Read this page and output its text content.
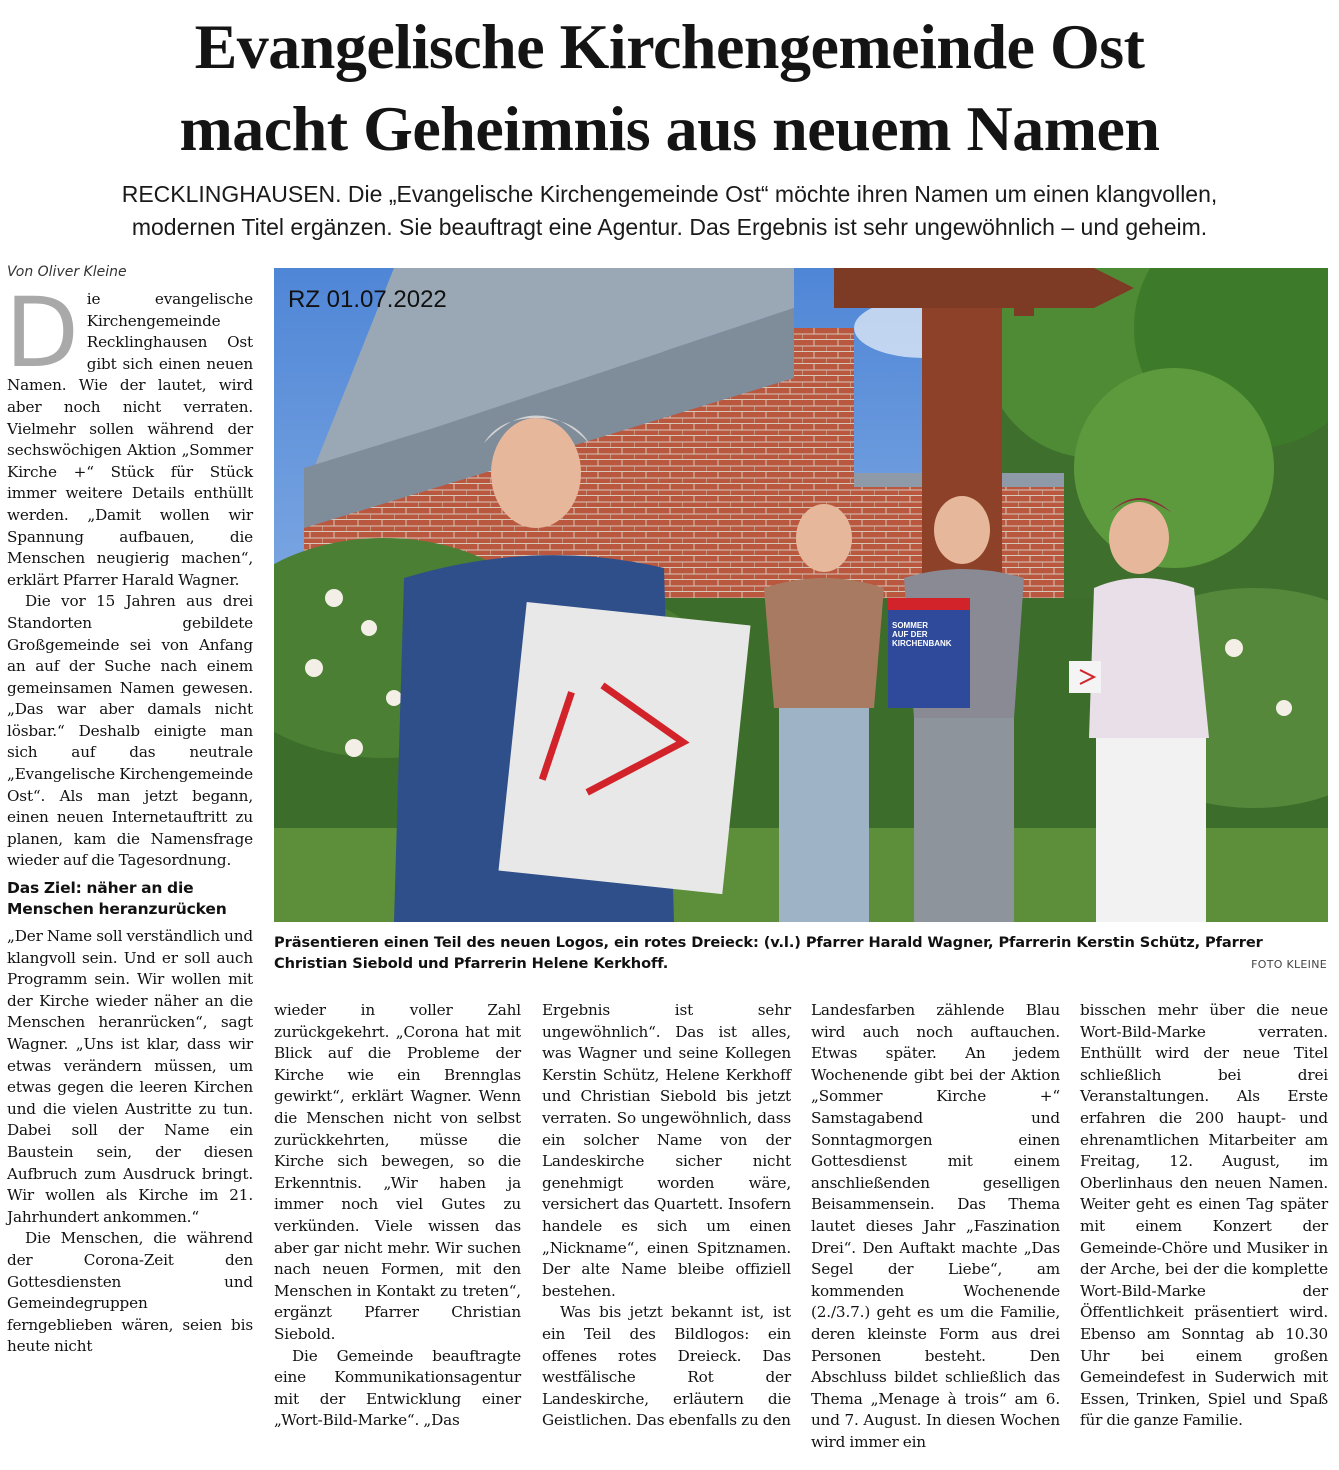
Evangelische Kirchengemeinde Ost
macht Geheimnis aus neuem Namen

RECKLINGHAUSEN. Die „Evangelische Kirchengemeinde Ost“ möchte ihren Namen um einen klangvollen,
modernen Titel ergänzen. Sie beauftragt eine Agentur. Das Ergebnis ist sehr ungewöhnlich – und geheim.

Von Oliver Kleine

D ie evangelische Kirchengemeinde Recklinghausen Ost gibt sich einen neuen Namen. Wie der lautet, wird aber noch nicht verraten. Vielmehr sollen während der sechswöchigen Aktion „Sommer Kirche +“ Stück für Stück immer weitere Details enthüllt werden. „Damit wollen wir Spannung aufbauen, die Menschen neugierig machen“, erklärt Pfarrer Harald Wagner.

Die vor 15 Jahren aus drei Standorten gebildete Großgemeinde sei von Anfang an auf der Suche nach einem gemeinsamen Namen gewesen. „Das war aber damals nicht lösbar.“ Deshalb einigte man sich auf das neutrale „Evangelische Kirchengemeinde Ost“. Als man jetzt begann, einen neuen Internetauftritt zu planen, kam die Namensfrage wieder auf die Tagesordnung.

Das Ziel: näher an die Menschen heranzurücken

„Der Name soll verständlich und klangvoll sein. Und er soll auch Programm sein. Wir wollen mit der Kirche wieder näher an die Menschen heranrücken“, sagt Wagner. „Uns ist klar, dass wir etwas verändern müssen, um etwas gegen die leeren Kirchen und die vielen Austritte zu tun. Dabei soll der Name ein Baustein sein, der diesen Aufbruch zum Ausdruck bringt. Wir wollen als Kirche im 21. Jahrhundert ankommen.“

Die Menschen, die während der Corona-Zeit den Gottesdiensten und Gemeindegruppen ferngeblieben wären, seien bis heute nicht

RZ 01.07.2022

SOMMER
AUF DER
KIRCHENBANK

Präsentieren einen Teil des neuen Logos, ein rotes Dreieck: (v.l.) Pfarrer Harald Wagner, Pfarrerin Kerstin Schütz, Pfarrer Christian Siebold und Pfarrerin Helene Kerkhoff.	FOTO KLEINE

wieder in voller Zahl zurückgekehrt. „Corona hat mit Blick auf die Probleme der Kirche wie ein Brennglas gewirkt“, erklärt Wagner. Wenn die Menschen nicht von selbst zurückkehrten, müsse die Kirche sich bewegen, so die Erkenntnis. „Wir haben ja immer noch viel Gutes zu verkünden. Viele wissen das aber gar nicht mehr. Wir suchen nach neuen Formen, mit den Menschen in Kontakt zu treten“, ergänzt Pfarrer Christian Siebold.

Die Gemeinde beauftragte eine Kommunikationsagentur mit der Entwicklung einer „Wort-Bild-Marke“. „Das

Ergebnis ist sehr ungewöhnlich“. Das ist alles, was Wagner und seine Kollegen Kerstin Schütz, Helene Kerkhoff und Christian Siebold bis jetzt verraten. So ungewöhnlich, dass ein solcher Name von der Landeskirche sicher nicht genehmigt worden wäre, versichert das Quartett. Insofern handele es sich um einen „Nickname“, einen Spitznamen. Der alte Name bleibe offiziell bestehen.

Was bis jetzt bekannt ist, ist ein Teil des Bildlogos: ein offenes rotes Dreieck. Das westfälische Rot der Landeskirche, erläutern die Geistlichen. Das ebenfalls zu den

Landesfarben zählende Blau wird auch noch auftauchen. Etwas später. An jedem Wochenende gibt bei der Aktion „Sommer Kirche +“ Samstagabend und Sonntagmorgen einen Gottesdienst mit einem anschließenden geselligen Beisammensein. Das Thema lautet dieses Jahr „Faszination Drei“. Den Auftakt machte „Das Segel der Liebe“, am kommenden Wochenende (2./3.7.) geht es um die Familie, deren kleinste Form aus drei Personen besteht. Den Abschluss bildet schließlich das Thema „Menage à trois“ am 6. und 7. August. In diesen Wochen wird immer ein

bisschen mehr über die neue Wort-Bild-Marke verraten. Enthüllt wird der neue Titel schließlich bei drei Veranstaltungen. Als Erste erfahren die 200 haupt- und ehrenamtlichen Mitarbeiter am Freitag, 12. August, im Oberlinhaus den neuen Namen. Weiter geht es einen Tag später mit einem Konzert der Gemeinde-Chöre und Musiker in der Arche, bei der die komplette Wort-Bild-Marke der Öffentlichkeit präsentiert wird. Ebenso am Sonntag ab 10.30 Uhr bei einem großen Gemeindefest in Suderwich mit Essen, Trinken, Spiel und Spaß für die ganze Familie.
